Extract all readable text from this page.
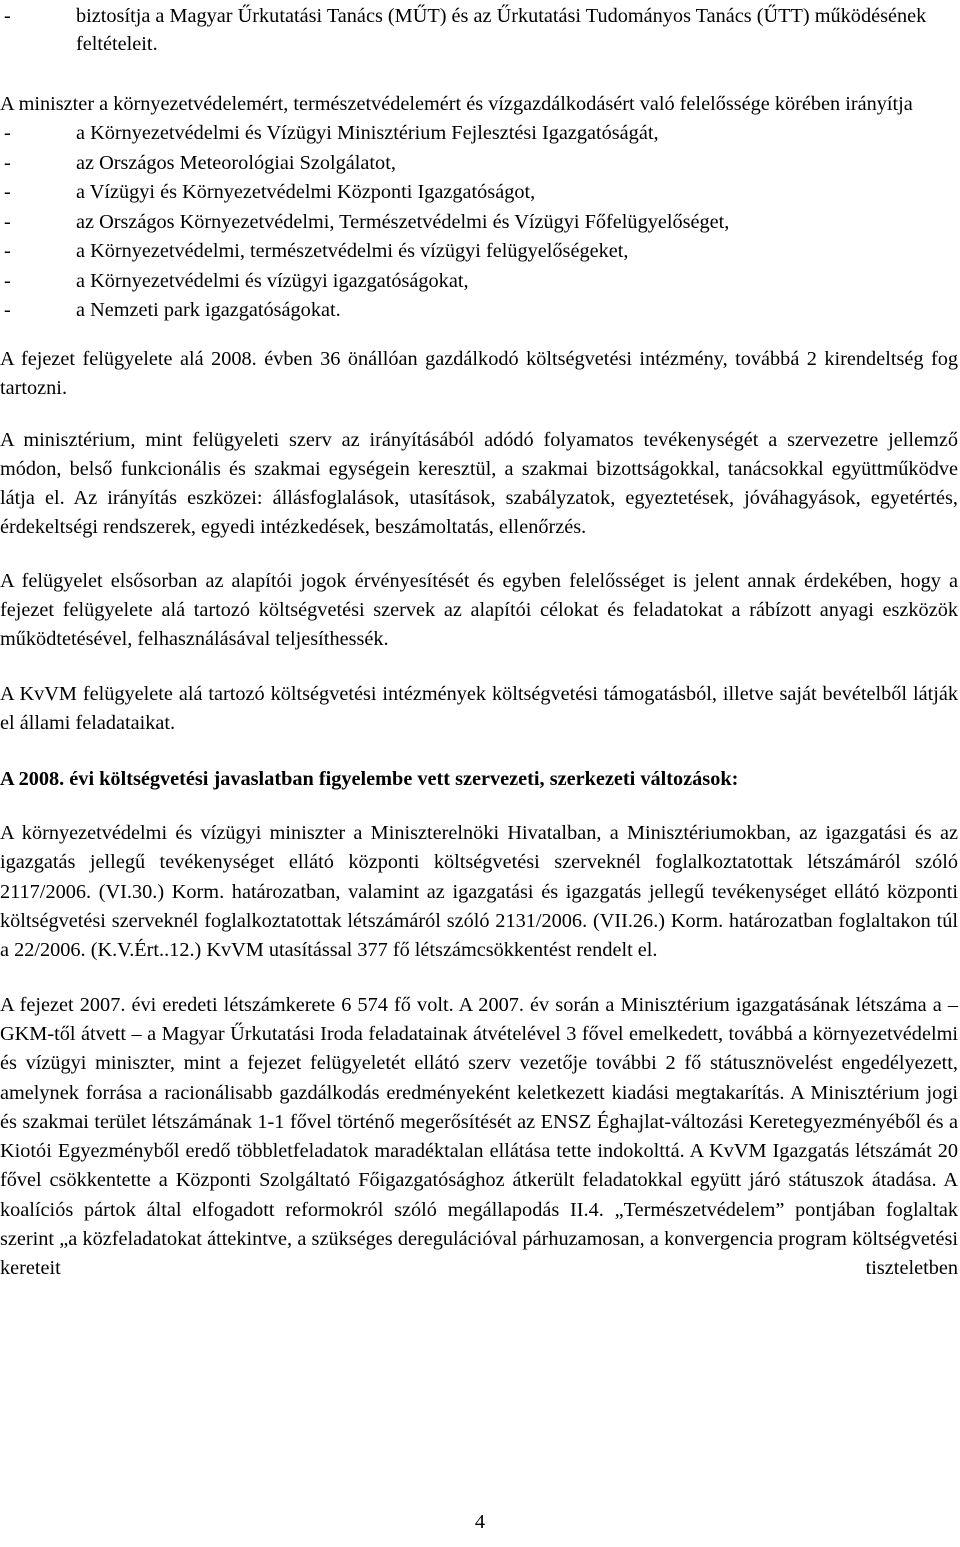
-	biztosítja a Magyar Űrkutatási Tanács (MŰT) és az Űrkutatási Tudományos Tanács (ŰTT) működésének feltételeit.

A miniszter a környezetvédelemért, természetvédelemért és vízgazdálkodásért való felelőssége körében irányítja

-	a Környezetvédelmi és Vízügyi Minisztérium Fejlesztési Igazgatóságát,
-	az Országos Meteorológiai Szolgálatot,
-	a Vízügyi és Környezetvédelmi Központi Igazgatóságot,
-	az Országos Környezetvédelmi, Természetvédelmi és Vízügyi Főfelügyelőséget,
-	a Környezetvédelmi, természetvédelmi és vízügyi felügyelőségeket,
-	a Környezetvédelmi és vízügyi igazgatóságokat,
-	a Nemzeti park igazgatóságokat.

A fejezet felügyelete alá 2008. évben 36 önállóan gazdálkodó költségvetési intézmény, továbbá 2 kirendeltség fog tartozni.

A minisztérium, mint felügyeleti szerv az irányításából adódó folyamatos tevékenységét a szervezetre jellemző módon, belső funkcionális és szakmai egységein keresztül, a szakmai bizottságokkal, tanácsokkal együttműködve látja el. Az irányítás eszközei: állásfoglalások, utasítások, szabályzatok, egyeztetések, jóváhagyások, egyetértés, érdekeltségi rendszerek, egyedi intézkedések, beszámoltatás, ellenőrzés.

A felügyelet elsősorban az alapítói jogok érvényesítését és egyben felelősséget is jelent annak érdekében, hogy a fejezet felügyelete alá tartozó költségvetési szervek az alapítói célokat és feladatokat a rábízott anyagi eszközök működtetésével, felhasználásával teljesíthessék.

A KvVM felügyelete alá tartozó költségvetési intézmények költségvetési támogatásból, illetve saját bevételből látják el állami feladataikat.

A 2008. évi költségvetési javaslatban figyelembe vett szervezeti, szerkezeti változások:

A környezetvédelmi és vízügyi miniszter a Miniszterelnöki Hivatalban, a Minisztériumokban, az igazgatási és az igazgatás jellegű tevékenységet ellátó központi költségvetési szerveknél foglalkoztatottak létszámáról szóló 2117/2006. (VI.30.) Korm. határozatban, valamint az igazgatási és igazgatás jellegű tevékenységet ellátó központi költségvetési szerveknél foglalkoztatottak létszámáról szóló 2131/2006. (VII.26.) Korm. határozatban foglaltakon túl a 22/2006. (K.V.Ért..12.) KvVM utasítással 377 fő létszámcsökkentést rendelt el.

A fejezet 2007. évi eredeti létszámkerete 6 574 fő volt. A 2007. év során a Minisztérium igazgatásának létszáma a – GKM-től átvett – a Magyar Űrkutatási Iroda feladatainak átvételével 3 fővel emelkedett, továbbá a környezetvédelmi és vízügyi miniszter, mint a fejezet felügyeletét ellátó szerv vezetője további 2 fő státusznövelést engedélyezett, amelynek forrása a racionálisabb gazdálkodás eredményeként keletkezett kiadási megtakarítás. A Minisztérium jogi és szakmai terület létszámának 1-1 fővel történő megerősítését az ENSZ Éghajlat-változási Keretegyezményéből és a Kiotói Egyezményből eredő többletfeladatok maradéktalan ellátása tette indokolttá. A KvVM Igazgatás létszámát 20 fővel csökkentette a Központi Szolgáltató Főigazgatósághoz átkerült feladatokkal együtt járó státuszok átadása. A koalíciós pártok által elfogadott reformokról szóló megállapodás II.4. „Természetvédelem” pontjában foglaltak szerint „a közfeladatokat áttekintve, a szükséges deregulációval párhuzamosan, a konvergencia program költségvetési kereteit tiszteletben

4
